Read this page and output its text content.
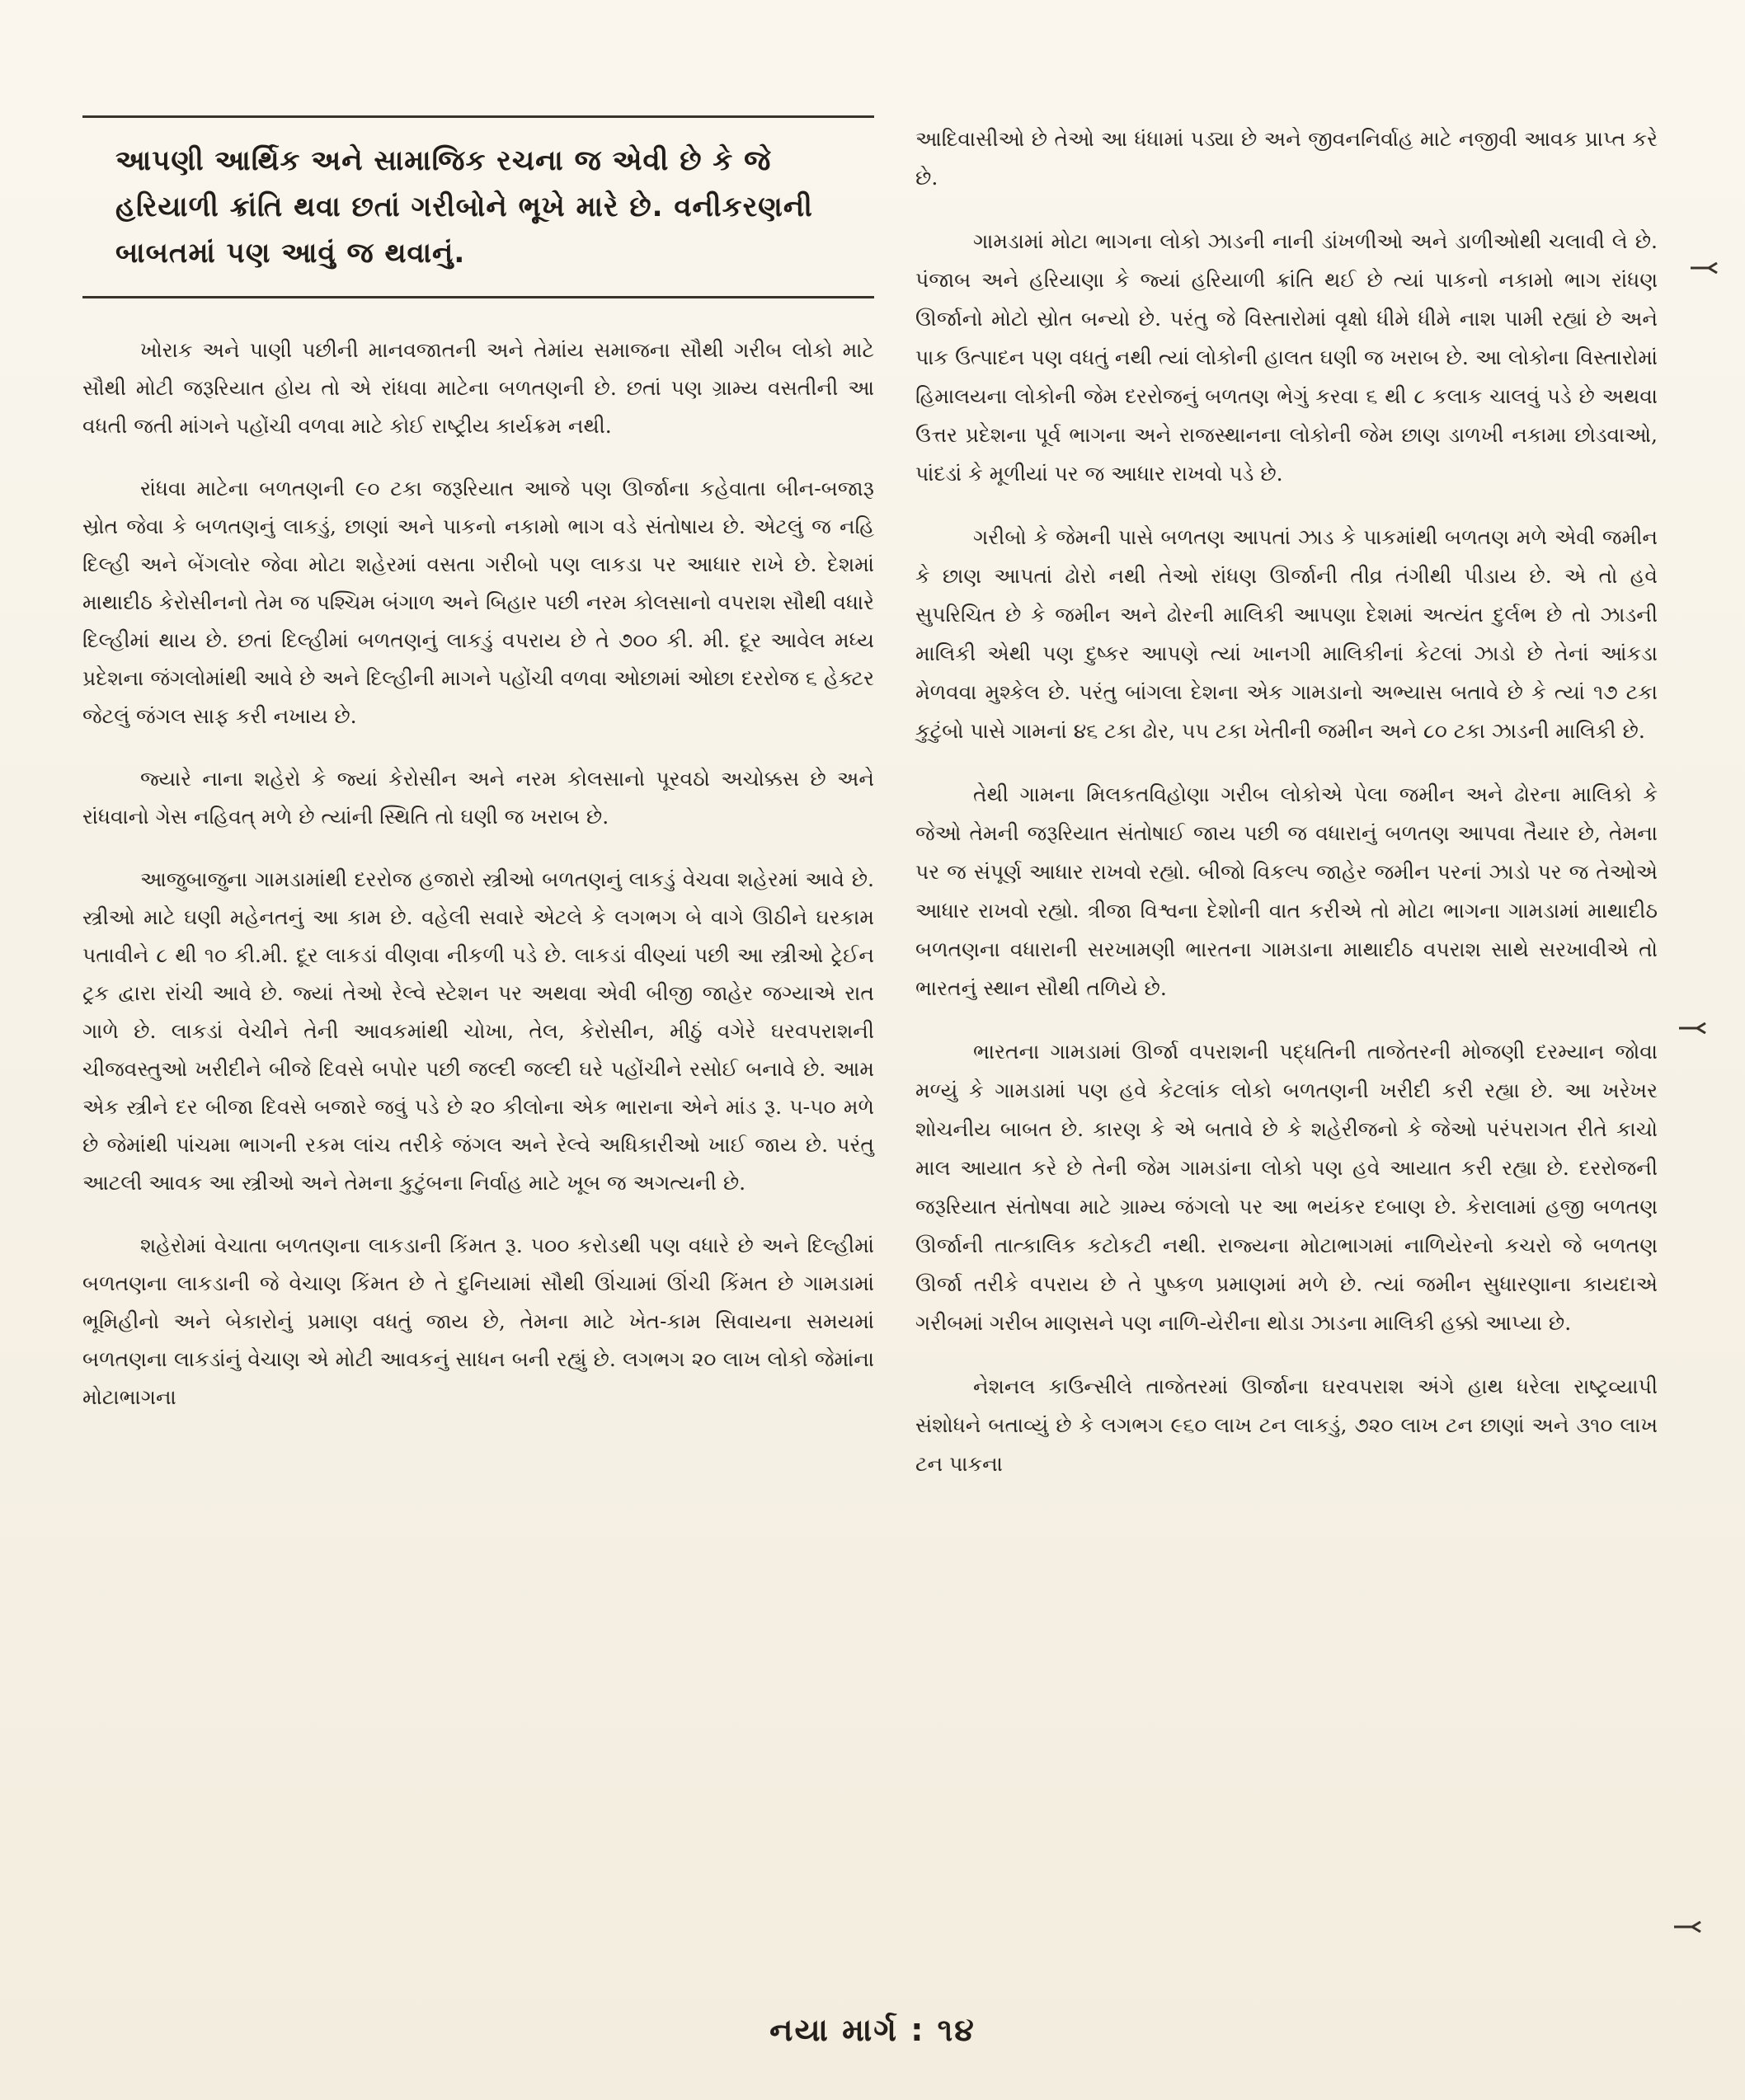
આપણી આર્થિક અને સામાજિક રચના જ એવી છે કે જે હરિયાળી ક્રાંતિ થવા છતાં ગરીબોને ભૂખે મારે છે. વનીકરણની બાબતમાં પણ આવું જ થવાનું.

ખોરાક અને પાણી પછીની માનવજાતની અને તેમાંય સમાજના સૌથી ગરીબ લોકો માટે સૌથી મોટી જરૂરિયાત હોય તો એ રાંધવા માટેના બળતણની છે. છતાં પણ ગ્રામ્ય વસતીની આ વધતી જતી માંગને પહોંચી વળવા માટે કોઈ રાષ્ટ્રીય કાર્યક્રમ નથી.

રાંધવા માટેના બળતણની ૯૦ ટકા જરૂરિયાત આજે પણ ઊર્જાના કહેવાતા બીન-બજારૂ સ્રોત જેવા કે બળતણનું લાકડું, છાણાં અને પાકનો નકામો ભાગ વડે સંતોષાય છે. એટલું જ નહિ દિલ્હી અને બેંગલોર જેવા મોટા શહેરમાં વસતા ગરીબો પણ લાકડા પર આધાર રાખે છે. દેશમાં માથાદીઠ કેરોસીનનો તેમ જ પશ્ચિમ બંગાળ અને બિહાર પછી નરમ કોલસાનો વપરાશ સૌથી વધારે દિલ્હીમાં થાય છે. છતાં દિલ્હીમાં બળતણનું લાકડું વપરાય છે તે ૭૦૦ કી. મી. દૂર આવેલ મધ્ય પ્રદેશના જંગલોમાંથી આવે છે અને દિલ્હીની માગને પહોંચી વળવા ઓછામાં ઓછા દરરોજ ૬ હેક્ટર જેટલું જંગલ સાફ કરી નખાય છે.

જ્યારે નાના શહેરો કે જ્યાં કેરોસીન અને નરમ કોલસાનો પૂરવઠો અચોક્કસ છે અને રાંધવાનો ગેસ નહિવત્ મળે છે ત્યાંની સ્થિતિ તો ઘણી જ ખરાબ છે.

આજુબાજુના ગામડામાંથી દરરોજ હજારો સ્ત્રીઓ બળતણનું લાકડું વેચવા શહેરમાં આવે છે. સ્ત્રીઓ માટે ઘણી મહેનતનું આ કામ છે. વહેલી સવારે એટલે કે લગભગ બે વાગે ઊઠીને ઘરકામ પતાવીને ૮ થી ૧૦ કી.મી. દૂર લાકડાં વીણવા નીકળી પડે છે. લાકડાં વીણ્યાં પછી આ સ્ત્રીઓ ટ્રેઈન ટ્રક દ્વારા રાંચી આવે છે. જ્યાં તેઓ રેલ્વે સ્ટેશન પર અથવા એવી બીજી જાહેર જગ્યાએ રાત ગાળે છે. લાકડાં વેચીને તેની આવકમાંથી ચોખા, તેલ, કેરોસીન, મીઠું વગેરે ઘરવપરાશની ચીજવસ્તુઓ ખરીદીને બીજે દિવસે બપોર પછી જલ્દી જલ્દી ઘરે પહોંચીને રસોઈ બનાવે છે. આમ એક સ્ત્રીને દર બીજા દિવસે બજારે જવું પડે છે ૨૦ કીલોના એક ભારાના એને માંડ રૂ. ૫-૫૦ મળે છે જેમાંથી પાંચમા ભાગની રકમ લાંચ તરીકે જંગલ અને રેલ્વે અધિકારીઓ ખાઈ જાય છે. પરંતુ આટલી આવક આ સ્ત્રીઓ અને તેમના કુટુંબના નિર્વાહ માટે ખૂબ જ અગત્યની છે.

શહેરોમાં વેચાતા બળતણના લાકડાની કિંમત રૂ. ૫૦૦ કરોડથી પણ વધારે છે અને દિલ્હીમાં બળતણના લાકડાની જે વેચાણ કિંમત છે તે દુનિયામાં સૌથી ઊંચામાં ઊંચી કિંમત છે ગામડામાં ભૂમિહીનો અને બેકારોનું પ્રમાણ વધતું જાય છે, તેમના માટે ખેત-કામ સિવાયના સમયમાં બળતણના લાકડાંનું વેચાણ એ મોટી આવકનું સાધન બની રહ્યું છે. લગભગ ૨૦ લાખ લોકો જેમાંના મોટાભાગના

આદિવાસીઓ છે તેઓ આ ધંધામાં પડ્યા છે અને જીવનનિર્વાહ માટે નજીવી આવક પ્રાપ્ત કરે છે.

ગામડામાં મોટા ભાગના લોકો ઝાડની નાની ડાંખળીઓ અને ડાળીઓથી ચલાવી લે છે. પંજાબ અને હરિયાણા કે જ્યાં હરિયાળી ક્રાંતિ થઈ છે ત્યાં પાકનો નકામો ભાગ રાંધણ ઊર્જાનો મોટો સ્રોત બન્યો છે. પરંતુ જે વિસ્તારોમાં વૃક્ષો ધીમે ધીમે નાશ પામી રહ્યાં છે અને પાક ઉત્પાદન પણ વધતું નથી ત્યાં લોકોની હાલત ઘણી જ ખરાબ છે. આ લોકોના વિસ્તારોમાં હિમાલયના લોકોની જેમ દરરોજનું બળતણ ભેગું કરવા ૬ થી ૮ કલાક ચાલવું પડે છે અથવા ઉત્તર પ્રદેશના પૂર્વ ભાગના અને રાજસ્થાનના લોકોની જેમ છાણ ડાળખી નકામા છોડવાઓ, પાંદડાં કે મૂળીયાં પર જ આધાર રાખવો પડે છે.

ગરીબો કે જેમની પાસે બળતણ આપતાં ઝાડ કે પાકમાંથી બળતણ મળે એવી જમીન કે છાણ આપતાં ઢોરો નથી તેઓ રાંધણ ઊર્જાની તીવ્ર તંગીથી પીડાય છે. એ તો હવે સુપરિચિત છે કે જમીન અને ઢોરની માલિકી આપણા દેશમાં અત્યંત દુર્લભ છે તો ઝાડની માલિકી એથી પણ દુષ્કર આપણે ત્યાં ખાનગી માલિકીનાં કેટલાં ઝાડો છે તેનાં આંકડા મેળવવા મુશ્કેલ છે. પરંતુ બાંગલા દેશના એક ગામડાનો અભ્યાસ બતાવે છે કે ત્યાં ૧૭ ટકા કુટુંબો પાસે ગામનાં ૪૬ ટકા ઢોર, ૫૫ ટકા ખેતીની જમીન અને ૮૦ ટકા ઝાડની માલિકી છે.

તેથી ગામના મિલકતવિહોણા ગરીબ લોકોએ પેલા જમીન અને ઢોરના માલિકો કે જેઓ તેમની જરૂરિયાત સંતોષાઈ જાય પછી જ વધારાનું બળતણ આપવા તૈયાર છે, તેમના પર જ સંપૂર્ણ આધાર રાખવો રહ્યો. બીજો વિકલ્પ જાહેર જમીન પરનાં ઝાડો પર જ તેઓએ આધાર રાખવો રહ્યો. ત્રીજા વિશ્વના દેશોની વાત કરીએ તો મોટા ભાગના ગામડામાં માથાદીઠ બળતણના વધારાની સરખામણી ભારતના ગામડાના માથાદીઠ વપરાશ સાથે સરખાવીએ તો ભારતનું સ્થાન સૌથી તળિયે છે.

ભારતના ગામડામાં ઊર્જા વપરાશની પદ્ધતિની તાજેતરની મોજણી દરમ્યાન જોવા મળ્યું કે ગામડામાં પણ હવે કેટલાંક લોકો બળતણની ખરીદી કરી રહ્યા છે. આ ખરેખર શોચનીય બાબત છે. કારણ કે એ બતાવે છે કે શહેરીજનો કે જેઓ પરંપરાગત રીતે કાચો માલ આયાત કરે છે તેની જેમ ગામડાંના લોકો પણ હવે આયાત કરી રહ્યા છે. દરરોજની જરૂરિયાત સંતોષવા માટે ગ્રામ્ય જંગલો પર આ ભયંકર દબાણ છે. કેરાલામાં હજી બળતણ ઊર્જાની તાત્કાલિક કટોકટી નથી. રાજ્યના મોટાભાગમાં નાળિયેરનો કચરો જે બળતણ ઊર્જા તરીકે વપરાય છે તે પુષ્કળ પ્રમાણમાં મળે છે. ત્યાં જમીન સુધારણાના કાયદાએ ગરીબમાં ગરીબ માણસને પણ નાળિ-યેરીના થોડા ઝાડના માલિકી હક્કો આપ્યા છે.

નેશનલ કાઉન્સીલે તાજેતરમાં ઊર્જાના ઘરવપરાશ અંગે હાથ ધરેલા રાષ્ટ્રવ્યાપી સંશોધને બતાવ્યું છે કે લગભગ ૯૬૦ લાખ ટન લાકડું, ૭૨૦ લાખ ટન છાણાં અને ૩૧૦ લાખ ટન પાકના

નયા માર્ગ : ૧૪
